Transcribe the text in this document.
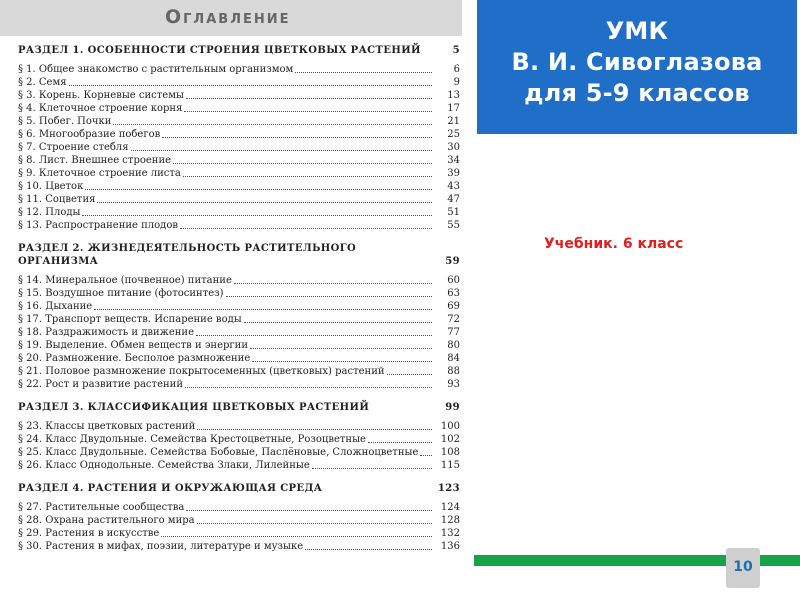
Оглавление
РАЗДЕЛ 1. ОСОБЕННОСТИ СТРОЕНИЯ ЦВЕТКОВЫХ РАСТЕНИЙ	5
§ 1. Общее знакомство с растительным организмом	6
§ 2. Семя	9
§ 3. Корень. Корневые системы	13
§ 4. Клеточное строение корня	17
§ 5. Побег. Почки	21
§ 6. Многообразие побегов	25
§ 7. Строение стебля	30
§ 8. Лист. Внешнее строение	34
§ 9. Клеточное строение листа	39
§ 10. Цветок	43
§ 11. Соцветия	47
§ 12. Плоды	51
§ 13. Распространение плодов	55
РАЗДЕЛ 2. ЖИЗНЕДЕЯТЕЛЬНОСТЬ РАСТИТЕЛЬНОГО ОРГАНИЗМА	59
§ 14. Минеральное (почвенное) питание	60
§ 15. Воздушное питание (фотосинтез)	63
§ 16. Дыхание	69
§ 17. Транспорт веществ. Испарение воды	72
§ 18. Раздражимость и движение	77
§ 19. Выделение. Обмен веществ и энергии	80
§ 20. Размножение. Бесполое размножение	84
§ 21. Половое размножение покрытосеменных (цветковых) растений	88
§ 22. Рост и развитие растений	93
РАЗДЕЛ 3. КЛАССИФИКАЦИЯ ЦВЕТКОВЫХ РАСТЕНИЙ	99
§ 23. Классы цветковых растений	100
§ 24. Класс Двудольные. Семейства Крестоцветные, Розоцветные	102
§ 25. Класс Двудольные. Семейства Бобовые, Паслёновые, Сложноцветные	108
§ 26. Класс Однодольные. Семейства Злаки, Лилейные	115
РАЗДЕЛ 4. РАСТЕНИЯ И ОКРУЖАЮЩАЯ СРЕДА	123
§ 27. Растительные сообщества	124
§ 28. Охрана растительного мира	128
§ 29. Растения в искусстве	132
§ 30. Растения в мифах, поэзии, литературе и музыке	136
УМК
В. И. Сивоглазова
для 5-9 классов
Учебник. 6 класс
10
